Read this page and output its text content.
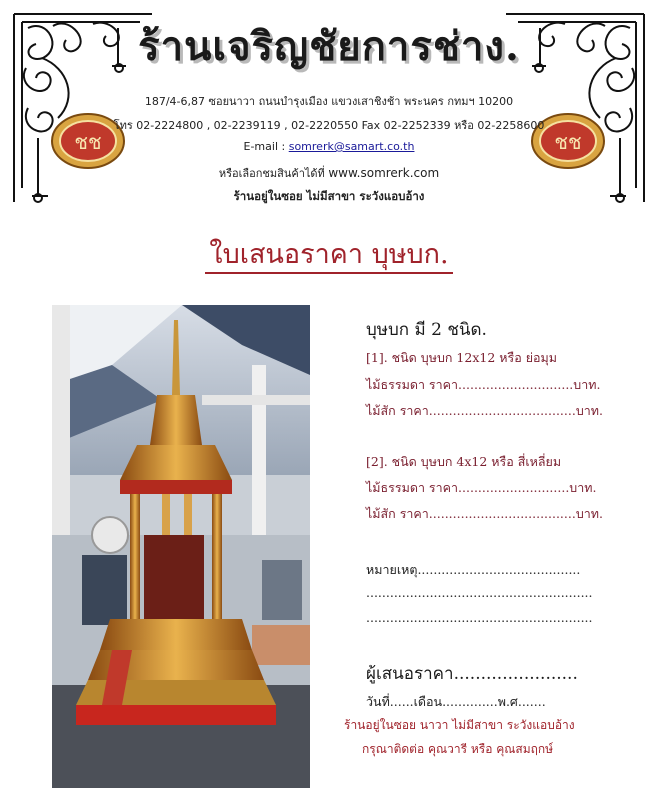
ชช	ชช
ร้านเจริญชัยการช่าง.
187/4-6,87 ซอยนาวา ถนนบำรุงเมือง แขวงเสาชิงช้า พระนคร กทมฯ 10200
โทร 02-2224800 , 02-2239119 , 02-2220550 Fax 02-2252339 หรือ 02-2258600
E-mail : somrerk@samart.co.th
หรือเลือกชมสินค้าได้ที่ www.somrerk.com
ร้านอยู่ในซอย ไม่มีสาขา ระวังแอบอ้าง
ใบเสนอราคา บุษบก.
บุษบก มี 2 ชนิด.
[1]. ชนิด บุษบก 12x12 หรือ ย่อมุม
ไม้ธรรมดา ราคา.............................บาท.
ไม้สัก ราคา.....................................บาท.
[2]. ชนิด บุษบก 4x12 หรือ สี่เหลี่ยม
ไม้ธรรมดา ราคา............................บาท.
ไม้สัก ราคา.....................................บาท.
หมายเหตุ.........................................
.........................................................
.........................................................
ผู้เสนอราคา.......................
วันที่......เดือน..............พ.ศ.......
ร้านอยู่ในซอย นาวา ไม่มีสาขา ระวังแอบอ้าง
กรุณาติดต่อ คุณวารี หรือ คุณสมฤกษ์
